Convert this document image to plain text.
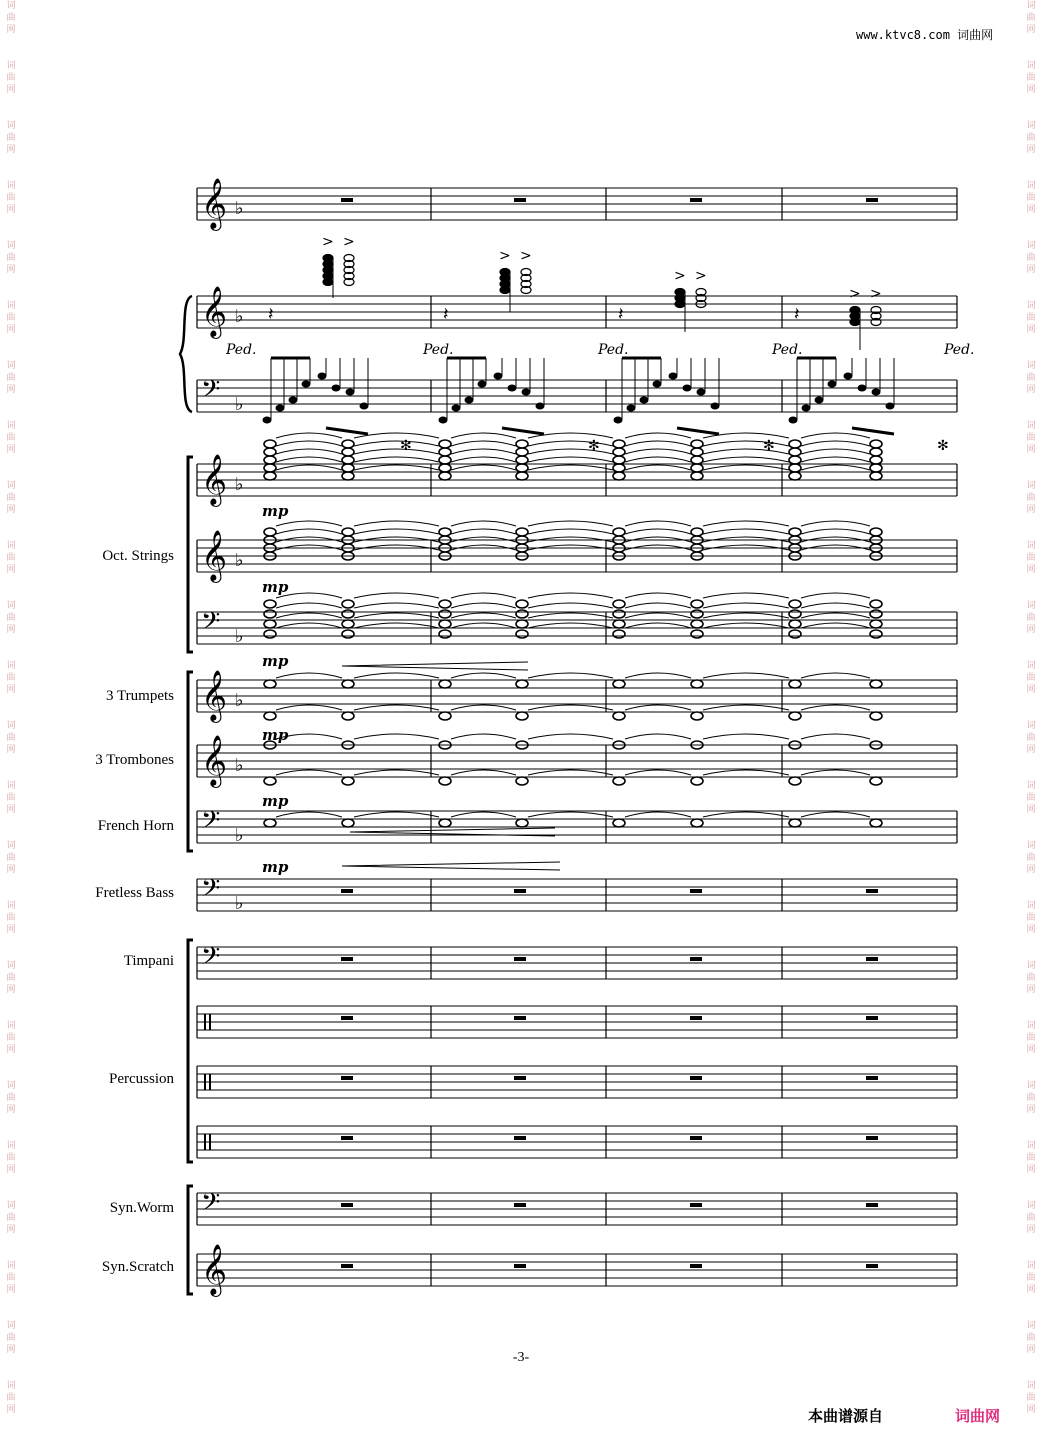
词
曲
网
词
曲
网
词
曲
网
词
曲
网
词
曲
网
词
曲
网
词
曲
网
词
曲
网
词
曲
网
词
曲
网
词
曲
网
词
曲
网
词
曲
网
词
曲
网
词
曲
网
词
曲
网
词
曲
网
词
曲
网
词
曲
网
词
曲
网
词
曲
网
词
曲
网
词
曲
网
词
曲
网
词
曲
网
词
曲
网
词
曲
网
词
曲
网
词
曲
网
词
曲
网
词
曲
网
词
曲
网
词
曲
网
词
曲
网
词
曲
网
词
曲
网
词
曲
网
词
曲
网
词
曲
网
词
曲
网
词
曲
网
词
曲
网
词
曲
网
词
曲
网
词
曲
网
词
曲
网
词
曲
网
词
曲
网
www.ktvc8.com 词曲网
𝄞 ♭
𝄞 ♭
𝄢 ♭
𝄞 ♭
𝄞 ♭
𝄢 ♭
𝄞 ♭
𝄞 ♭
𝄢 ♭
𝄢 ♭
𝄢
𝄢
𝄞
𝄽
> >
𝄽
> >
𝄽
> >
𝄽
> >
Ped.
✻
Ped.
✻
Ped.
✻
Ped.
✻
Ped.
mp
mp
mp
mp
mp
mp
Oct. Strings
3 Trumpets
3 Trombones
French Horn
Fretless Bass
Timpani
Percussion
Syn.Worm
Syn.Scratch
-3-
本曲谱源自	词曲网
